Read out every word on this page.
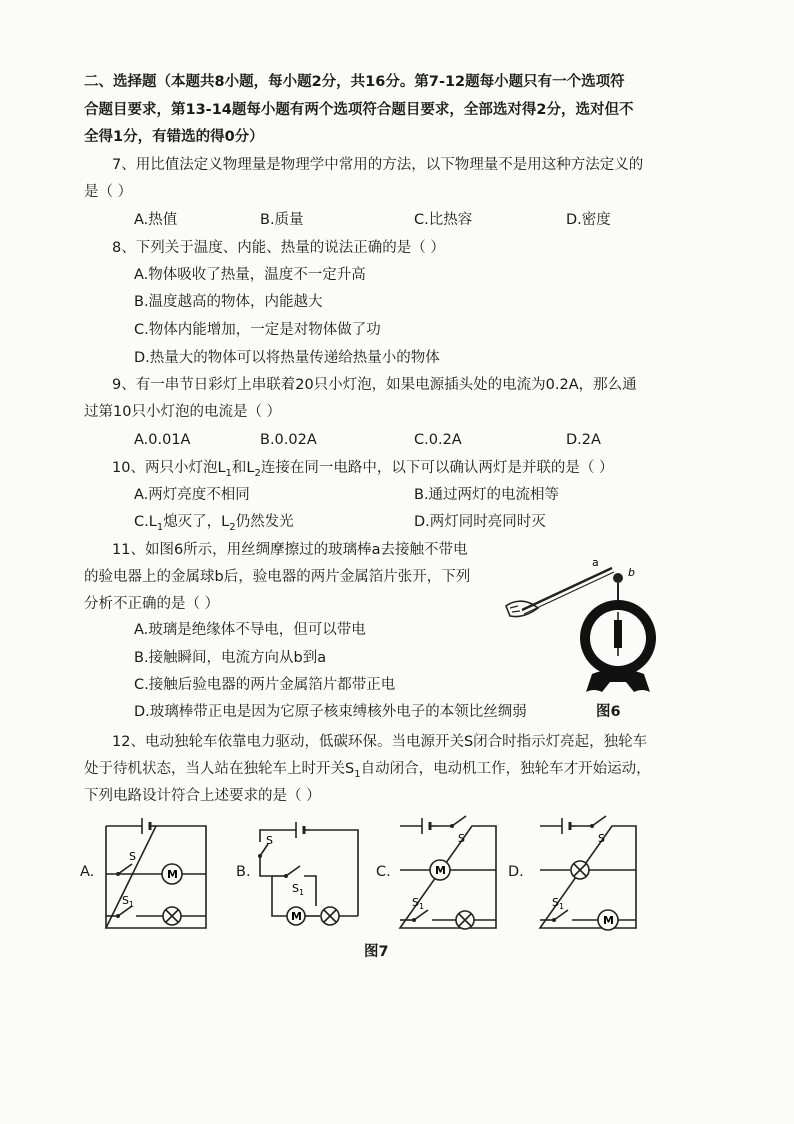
二、选择题（本题共8小题，每小题2分，共16分。第7-12题每小题只有一个选项符
合题目要求，第13-14题每小题有两个选项符合题目要求，全部选对得2分，选对但不
全得1分，有错选的得0分）
7、用比值法定义物理量是物理学中常用的方法，以下物理量不是用这种方法定义的
是（ ）
A.热值	B.质量	C.比热容	D.密度
8、下列关于温度、内能、热量的说法正确的是（ ）
A.物体吸收了热量，温度不一定升高
B.温度越高的物体，内能越大
C.物体内能增加，一定是对物体做了功
D.热量大的物体可以将热量传递给热量小的物体
9、有一串节日彩灯上串联着20只小灯泡，如果电源插头处的电流为0.2A，那么通
过第10只小灯泡的电流是（ ）
A.0.01A	B.0.02A	C.0.2A	D.2A
10、两只小灯泡$L_1$和$L_2$连接在同一电路中，以下可以确认两灯是并联的是（ ）
A.两灯亮度不相同	B.通过两灯的电流相等
$C.L_1$熄灭了，$L_2$仍然发光	D.两灯同时亮同时灭
11、如图6所示，用丝绸摩擦过的玻璃棒a去接触不带电
的验电器上的金属球b后，验电器的两片金属箔片张开，下列
分析不正确的是（ ）
A.玻璃是绝缘体不导电，但可以带电
B.接触瞬间，电流方向从b到a
C.接触后验电器的两片金属箔片都带正电
D.玻璃棒带正电是因为它原子核束缚核外电子的本领比丝绸弱
a
b
图6
12、电动独轮车依靠电力驱动，低碳环保。当电源开关S闭合时指示灯亮起，独轮车
处于待机状态，当人站在独轮车上时开关$S_1$自动闭合，电动机工作，独轮车才开始运动，
下列电路设计符合上述要求的是（ ）
A.
S
M
$S_1$
B.
S
$S_1$
M
C.
S
M
$S_1$
D.
S
$S_1$
M
图7
